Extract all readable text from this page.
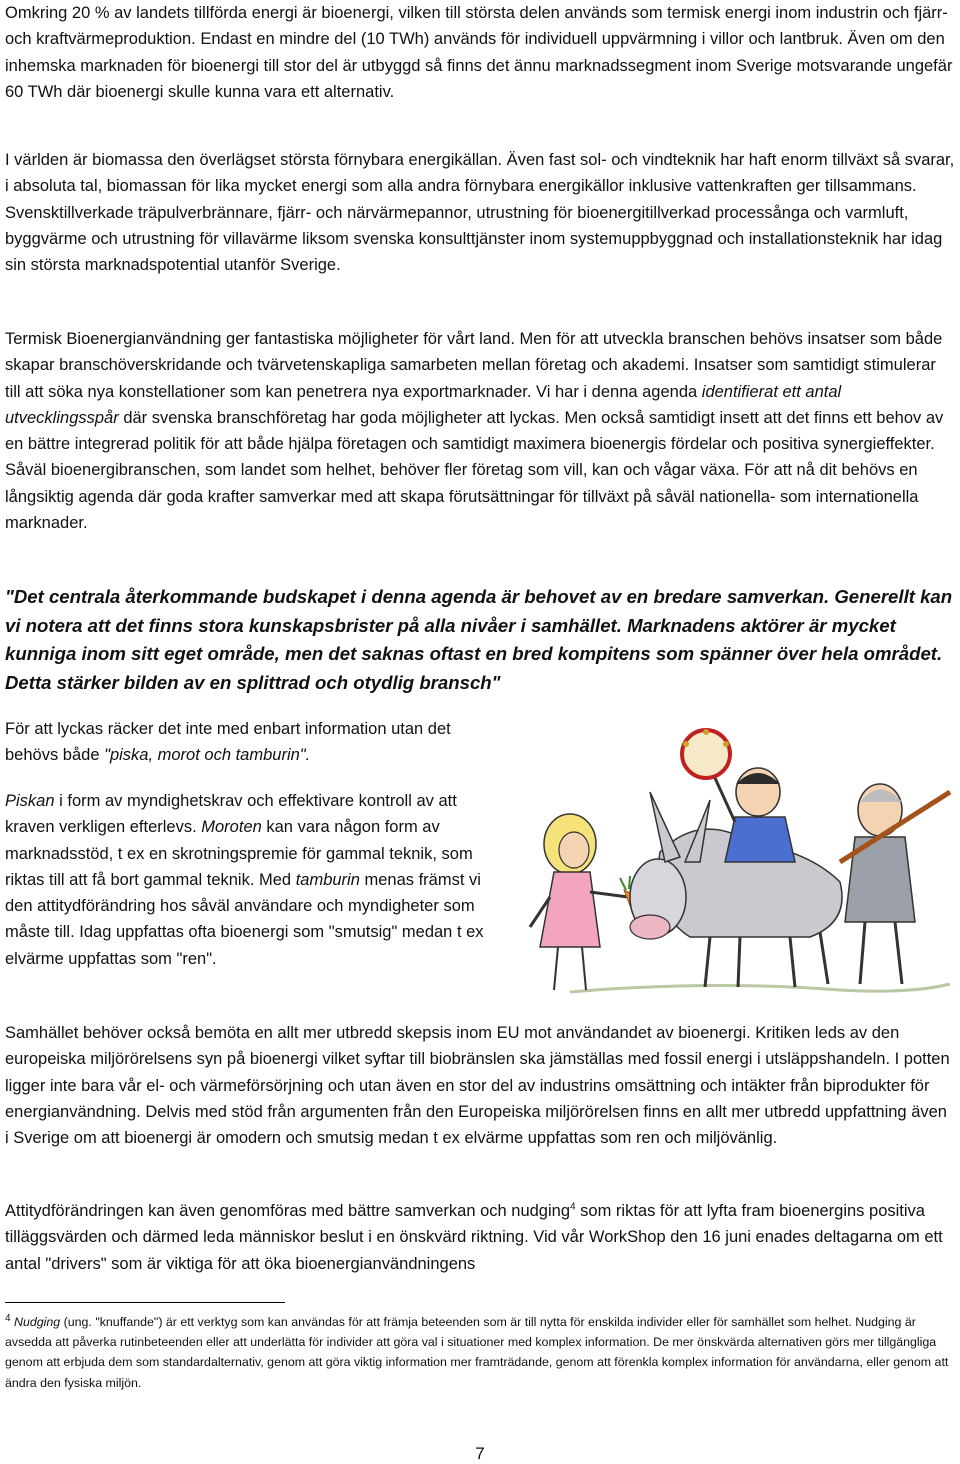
Omkring 20 % av landets tillförda energi är bioenergi, vilken till största delen används som termisk energi inom industrin och fjärr- och kraftvärmeproduktion. Endast en mindre del (10 TWh) används för individuell uppvärmning i villor och lantbruk. Även om den inhemska marknaden för bioenergi till stor del är utbyggd så finns det ännu marknadssegment inom Sverige motsvarande ungefär 60 TWh där bioenergi skulle kunna vara ett alternativ.

I världen är biomassa den överlägset största förnybara energikällan. Även fast sol- och vindteknik har haft enorm tillväxt så svarar, i absoluta tal, biomassan för lika mycket energi som alla andra förnybara energikällor inklusive vattenkraften ger tillsammans. Svensktillverkade träpulverbrännare, fjärr- och närvärmepannor, utrustning för bioenergitillverkad processånga och varmluft, byggvärme och utrustning för villavärme liksom svenska konsulttjänster inom systemuppbyggnad och installationsteknik har idag sin största marknadspotential utanför Sverige.

Termisk Bioenergianvändning ger fantastiska möjligheter för vårt land. Men för att utveckla branschen behövs insatser som både skapar branschöverskridande och tvärvetenskapliga samarbeten mellan företag och akademi. Insatser som samtidigt stimulerar till att söka nya konstellationer som kan penetrera nya exportmarknader. Vi har i denna agenda identifierat ett antal utvecklingsspår där svenska branschföretag har goda möjligheter att lyckas. Men också samtidigt insett att det finns ett behov av en bättre integrerad politik för att både hjälpa företagen och samtidigt maximera bioenergis fördelar och positiva synergieffekter. Såväl bioenergibranschen, som landet som helhet, behöver fler företag som vill, kan och vågar växa. För att nå dit behövs en långsiktig agenda där goda krafter samverkar med att skapa förutsättningar för tillväxt på såväl nationella- som internationella marknader.

"Det centrala återkommande budskapet i denna agenda är behovet av en bredare samverkan. Generellt kan vi notera att det finns stora kunskapsbrister på alla nivåer i samhället. Marknadens aktörer är mycket kunniga inom sitt eget område, men det saknas oftast en bred kompitens som spänner över hela området. Detta stärker bilden av en splittrad och otydlig bransch"

För att lyckas räcker det inte med enbart information utan det behövs både "piska, morot och tamburin".

Piskan i form av myndighetskrav och effektivare kontroll av att kraven verkligen efterlevs. Moroten kan vara någon form av marknadsstöd, t ex en skrotningspremie för gammal teknik, som riktas till att få bort gammal teknik. Med tamburin menas främst vi den attitydförändring hos såväl användare och myndigheter som måste till. Idag uppfattas ofta bioenergi som "smutsig" medan t ex elvärme uppfattas som "ren".

Samhället behöver också bemöta en allt mer utbredd skepsis inom EU mot användandet av bioenergi. Kritiken leds av den europeiska miljörörelsens syn på bioenergi vilket syftar till biobränslen ska jämställas med fossil energi i utsläppshandeln. I potten ligger inte bara vår el- och värmeförsörjning och utan även en stor del av industrins omsättning och intäkter från biprodukter för energianvändning. Delvis med stöd från argumenten från den Europeiska miljörörelsen finns en allt mer utbredd uppfattning även i Sverige om att bioenergi är omodern och smutsig medan t ex elvärme uppfattas som ren och miljövänlig.

Attitydförändringen kan även genomföras med bättre samverkan och nudging$^4$ som riktas för att lyfta fram bioenergins positiva tilläggsvärden och därmed leda människor beslut i en önskvärd riktning. Vid vår WorkShop den 16 juni enades deltagarna om ett antal "drivers" som är viktiga för att öka bioenergianvändningens

$^4$ Nudging (ung. "knuffande") är ett verktyg som kan användas för att främja beteenden som är till nytta för enskilda individer eller för samhället som helhet. Nudging är avsedda att påverka rutinbeteenden eller att underlätta för individer att göra val i situationer med komplex information. De mer önskvärda alternativen görs mer tillgängliga genom att erbjuda dem som standardalternativ, genom att göra viktig information mer framträdande, genom att förenkla komplex information för användarna, eller genom att ändra den fysiska miljön.

7
